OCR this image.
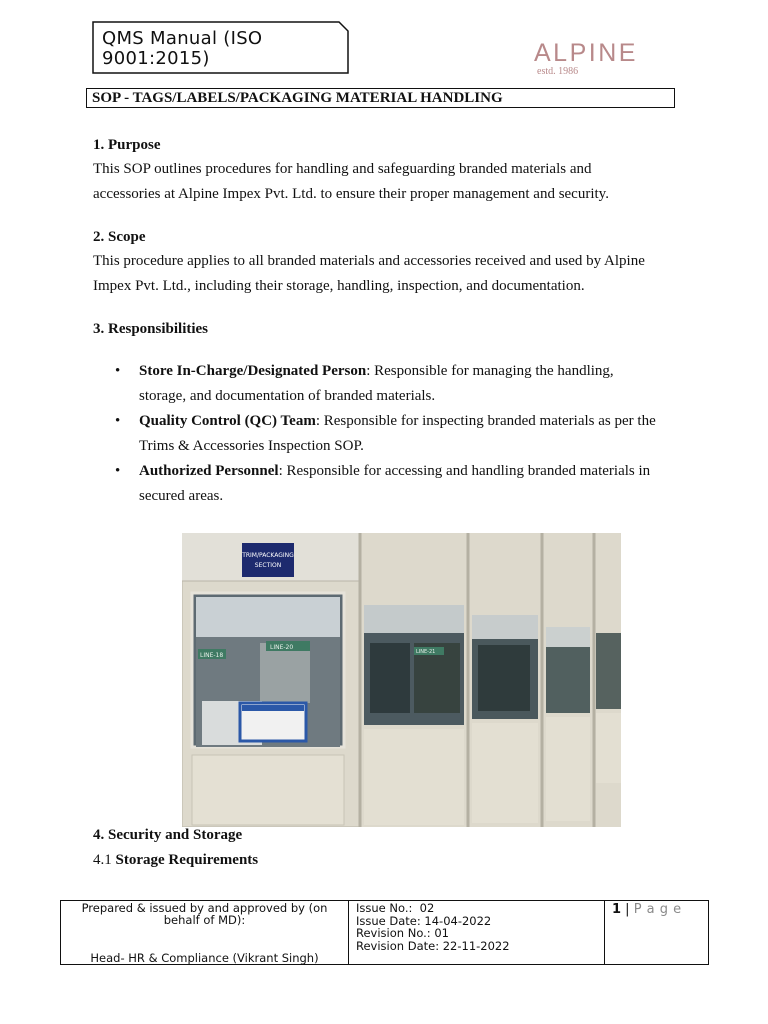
QMS Manual (ISO
9001:2015)	ALPINE
estd. 1986
SOP - TAGS/LABELS/PACKAGING MATERIAL HANDLING
1. Purpose
This SOP outlines procedures for handling and safeguarding branded materials and
accessories at Alpine Impex Pvt. Ltd. to ensure their proper management and security.
2. Scope
This procedure applies to all branded materials and accessories received and used by Alpine
Impex Pvt. Ltd., including their storage, handling, inspection, and documentation.
3. Responsibilities
• Store In-Charge/Designated Person: Responsible for managing the handling,
storage, and documentation of branded materials.
• Quality Control (QC) Team: Responsible for inspecting branded materials as per the
Trims & Accessories Inspection SOP.
• Authorized Personnel: Responsible for accessing and handling branded materials in
secured areas.
LINE-20
LINE-18
TRIM/PACKAGING
SECTION
LINE-21
4. Security and Storage
4.1 Storage Requirements
Prepared & issued by and approved by (on
behalf of MD):
Head- HR & Compliance (Vikrant Singh)
Issue No.:  02
Issue Date: 14-04-2022
Revision No.: 01
Revision Date: 22-11-2022
1 | P a g e
